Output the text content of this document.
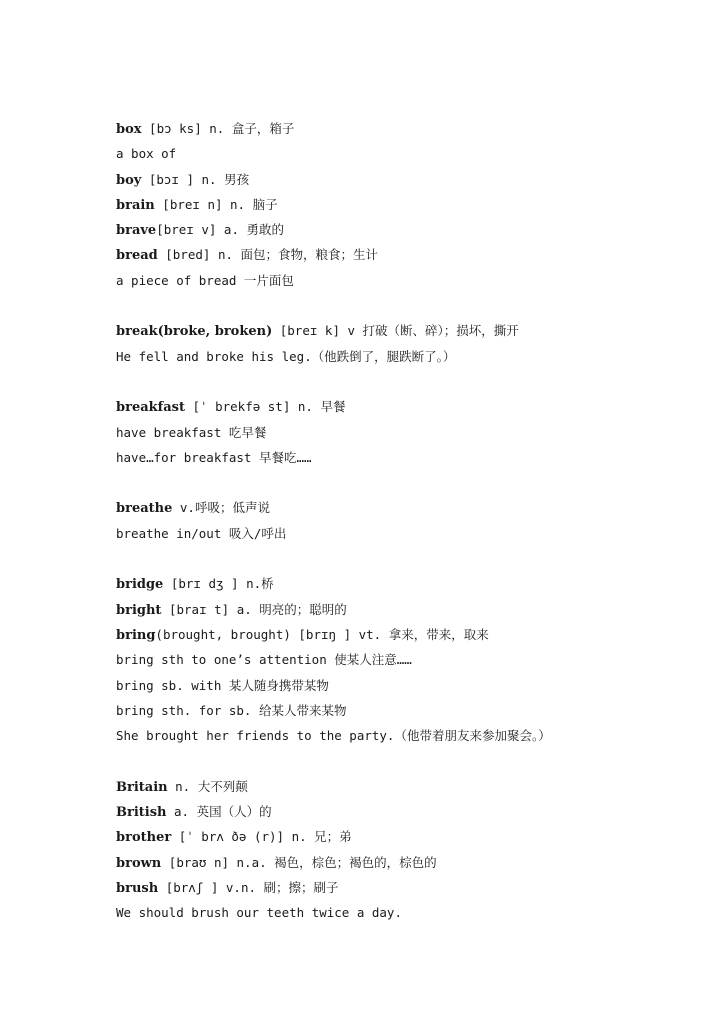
box [bɔ ks] n. 盒子，箱子
a box of
boy [bɔɪ ] n. 男孩
brain [breɪ n] n. 脑子
brave[breɪ v] a. 勇敢的
bread [bred] n. 面包；食物，粮食；生计
a piece of bread 一片面包
break(broke, broken) [breɪ k] v 打破（断、碎）；损坏，撕开
He fell and broke his leg.（他跌倒了，腿跌断了。）
breakfast [ˈ brekfə st] n. 早餐
have breakfast 吃早餐
have…for breakfast 早餐吃……
breathe v.呼吸；低声说
breathe in/out 吸入/呼出
bridge [brɪ dʒ ] n.桥
bright [braɪ t] a. 明亮的；聪明的
bring(brought, brought) [brɪŋ ] vt. 拿来，带来，取来
bring sth to one’s attention 使某人注意……
bring sb. with 某人随身携带某物
bring sth. for sb. 给某人带来某物
She brought her friends to the party.（他带着朋友来参加聚会。）
Britain n. 大不列颠
British a. 英国（人）的
brother [ˈ brʌ ðə (r)] n. 兄；弟
brown [braʊ n] n.a. 褐色，棕色；褐色的，棕色的
brush [brʌʃ ] v.n. 刷；擦；刷子
We should brush our teeth twice a day.
